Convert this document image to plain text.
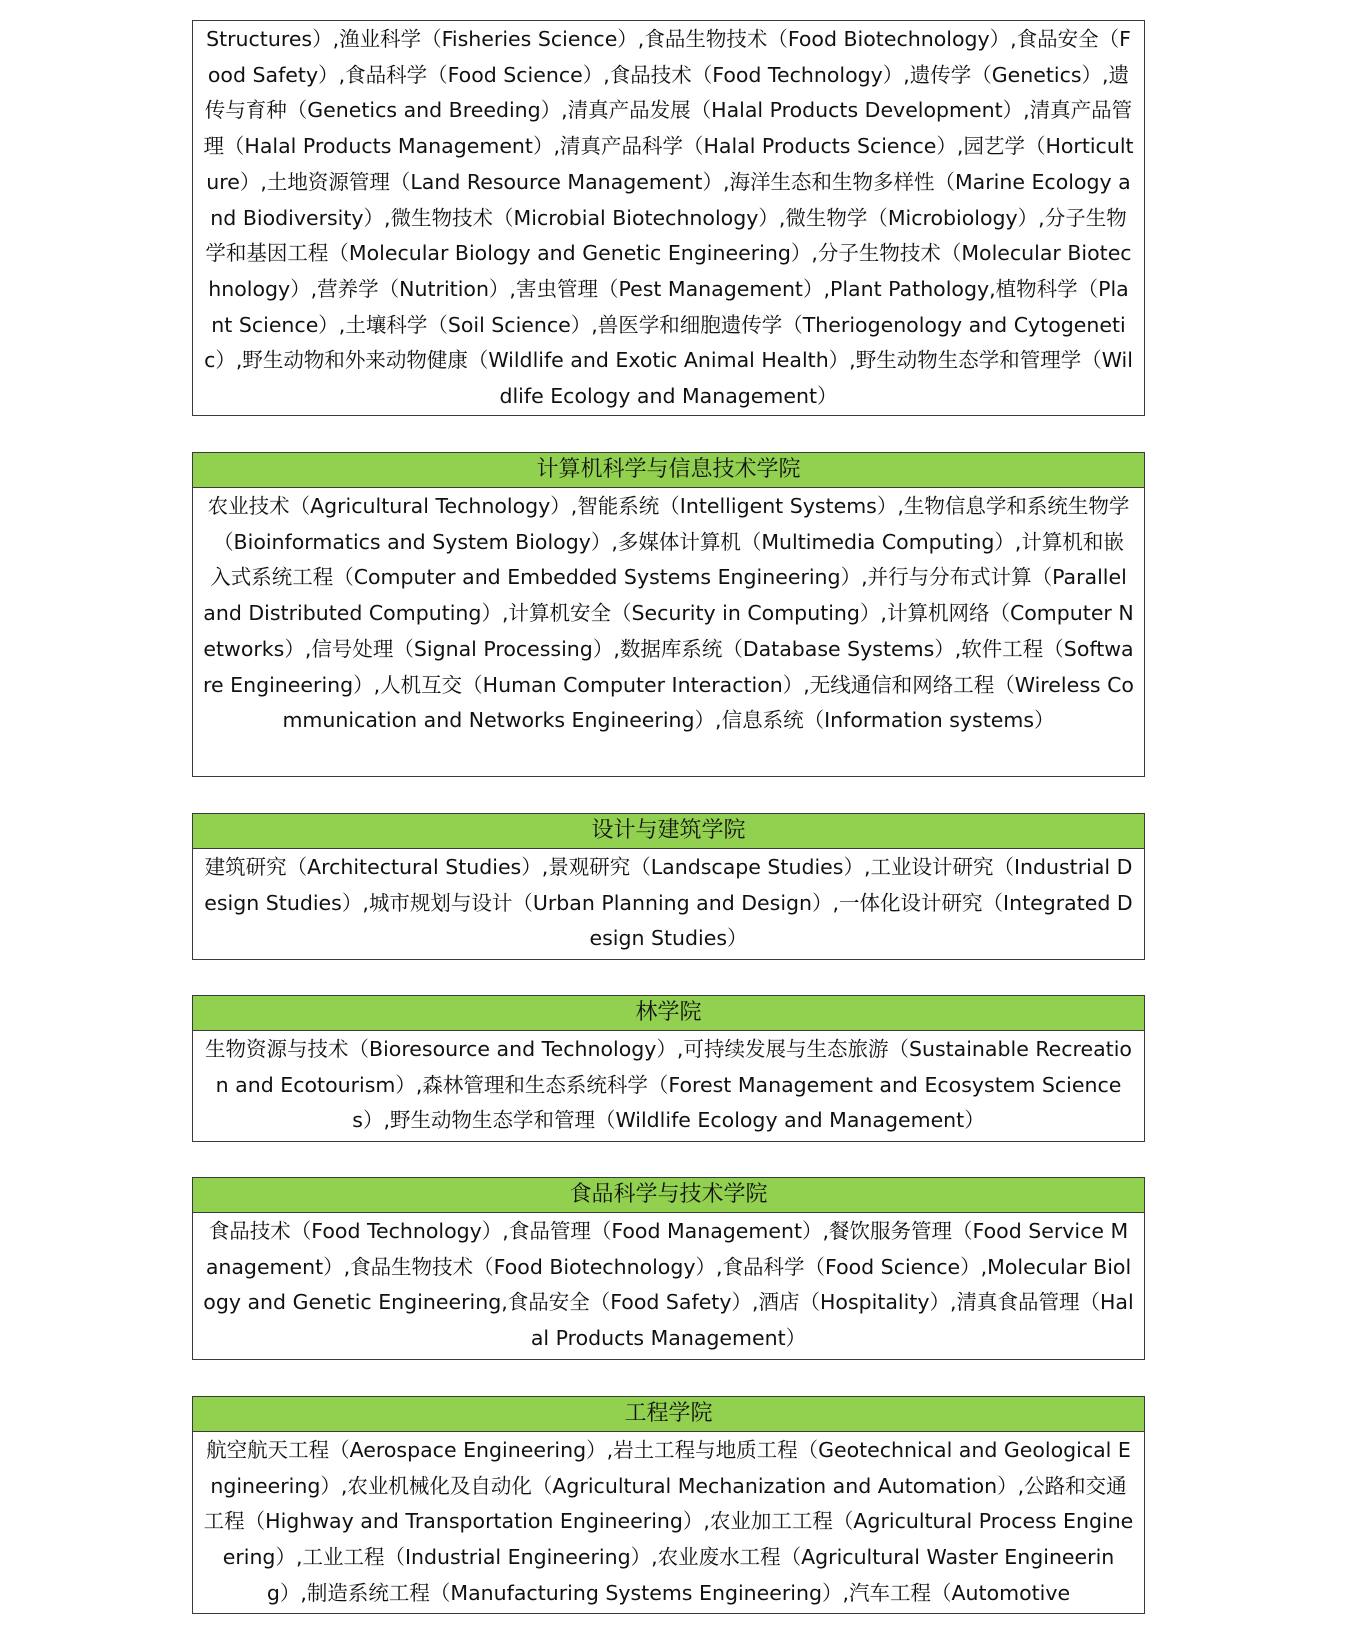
Structures）,渔业科学（Fisheries Science）,食品生物技术（Food Biotechnology）,食品安全（Food Safety）,食品科学（Food Science）,食品技术（Food Technology）,遗传学（Genetics）,遗传与育种（Genetics and Breeding）,清真产品发展（Halal Products Development）,清真产品管理（Halal Products Management）,清真产品科学（Halal Products Science）,园艺学（Horticulture）,土地资源管理（Land Resource Management）,海洋生态和生物多样性（Marine Ecology and Biodiversity）,微生物技术（Microbial Biotechnology）,微生物学（Microbiology）,分子生物学和基因工程（Molecular Biology and Genetic Engineering）,分子生物技术（Molecular Biotechnology）,营养学（Nutrition）,害虫管理（Pest Management）,Plant Pathology,植物科学（Plant Science）,土壤科学（Soil Science）,兽医学和细胞遗传学（Theriogenology and Cytogenetic）,野生动物和外来动物健康（Wildlife and Exotic Animal Health）,野生动物生态学和管理学（Wildlife Ecology and Management）
计算机科学与信息技术学院
农业技术（Agricultural Technology）,智能系统（Intelligent Systems）,生物信息学和系统生物学（Bioinformatics and System Biology）,多媒体计算机（Multimedia Computing）,计算机和嵌入式系统工程（Computer and Embedded Systems Engineering）,并行与分布式计算（Parallel and Distributed Computing）,计算机安全（Security in Computing）,计算机网络（Computer Networks）,信号处理（Signal Processing）,数据库系统（Database Systems）,软件工程（Software Engineering）,人机互交（Human Computer Interaction）,无线通信和网络工程（Wireless Communication and Networks Engineering）,信息系统（Information systems）
设计与建筑学院
建筑研究（Architectural Studies）,景观研究（Landscape Studies）,工业设计研究（Industrial Design Studies）,城市规划与设计（Urban Planning and Design）,一体化设计研究（Integrated Design Studies）
林学院
生物资源与技术（Bioresource and Technology）,可持续发展与生态旅游（Sustainable Recreation and Ecotourism）,森林管理和生态系统科学（Forest Management and Ecosystem Sciences）,野生动物生态学和管理（Wildlife Ecology and Management）
食品科学与技术学院
食品技术（Food Technology）,食品管理（Food Management）,餐饮服务管理（Food Service Management）,食品生物技术（Food Biotechnology）,食品科学（Food Science）,Molecular Biology and Genetic Engineering,食品安全（Food Safety）,酒店（Hospitality）,清真食品管理（Halal Products Management）
工程学院
航空航天工程（Aerospace Engineering）,岩土工程与地质工程（Geotechnical and Geological Engineering）,农业机械化及自动化（Agricultural Mechanization and Automation）,公路和交通工程（Highway and Transportation Engineering）,农业加工工程（Agricultural Process Engineering）,工业工程（Industrial Engineering）,农业废水工程（Agricultural Waster Engineering）,制造系统工程（Manufacturing Systems Engineering）,汽车工程（Automotive
